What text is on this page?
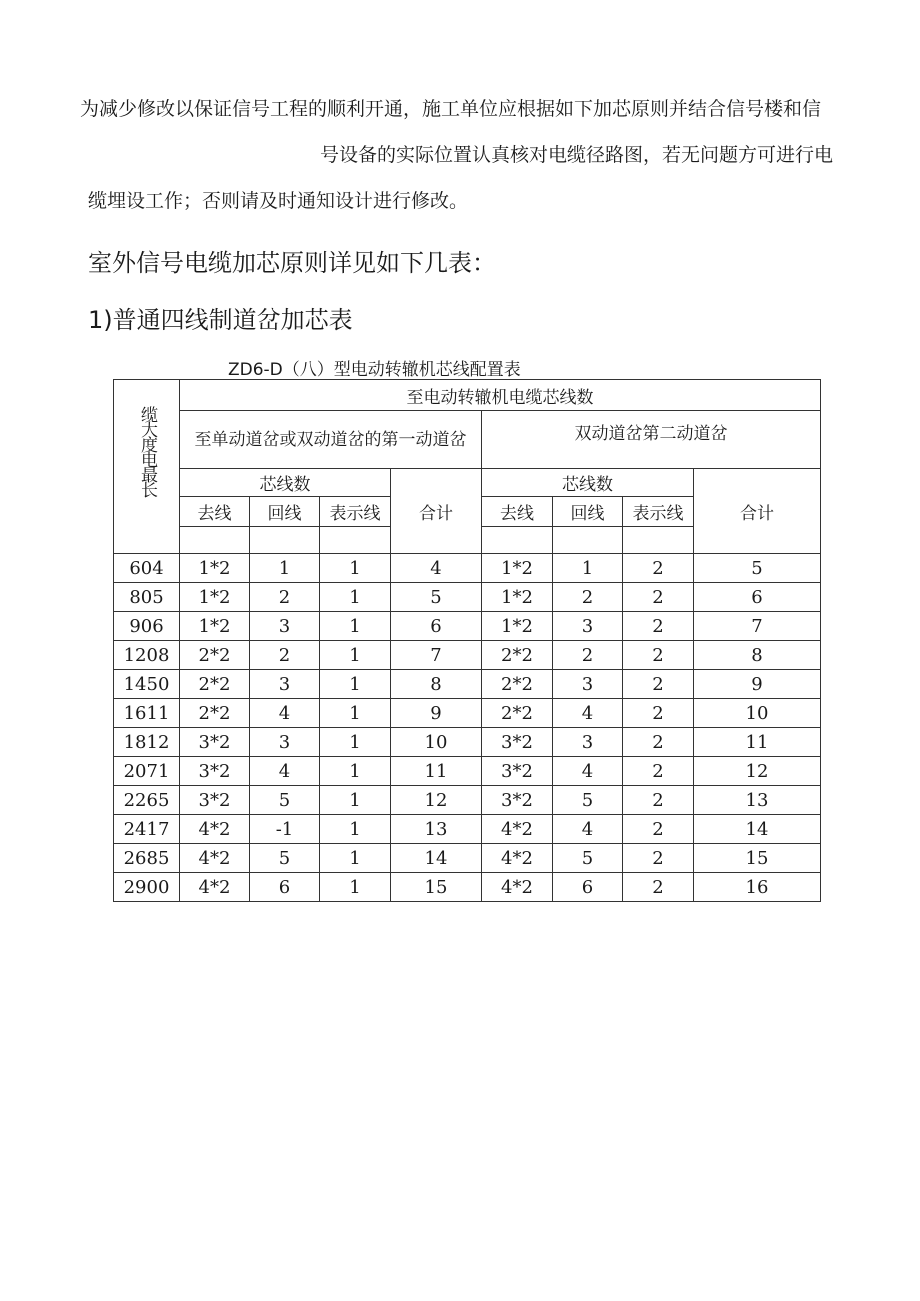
为减少修改以保证信号工程的顺利开通，施工单位应根据如下加芯原则并结合信号楼和信
号设备的实际位置认真核对电缆径路图，若无问题方可进行电
缆埋设工作；否则请及时通知设计进行修改。
室外信号电缆加芯原则详见如下几表：
1)普通四线制道岔加芯表
ZD6-D（八）型电动转辙机芯线配置表
缆大度电最长	至电动转辙机电缆芯线数							
	至单动道岔或双动道岔的第一动道岔				双动道岔第二动道岔			
	芯线数			合计	芯线数			合计
	去线	回线	表示线		去线	回线	表示线	

604	1*2	1	1	4	1*2	1	2	5
805	1*2	2	1	5	1*2	2	2	6
906	1*2	3	1	6	1*2	3	2	7
1208	2*2	2	1	7	2*2	2	2	8
1450	2*2	3	1	8	2*2	3	2	9
1611	2*2	4	1	9	2*2	4	2	10
1812	3*2	3	1	10	3*2	3	2	11
2071	3*2	4	1	11	3*2	4	2	12
2265	3*2	5	1	12	3*2	5	2	13
2417	4*2	-1	1	13	4*2	4	2	14
2685	4*2	5	1	14	4*2	5	2	15
2900	4*2	6	1	15	4*2	6	2	16
